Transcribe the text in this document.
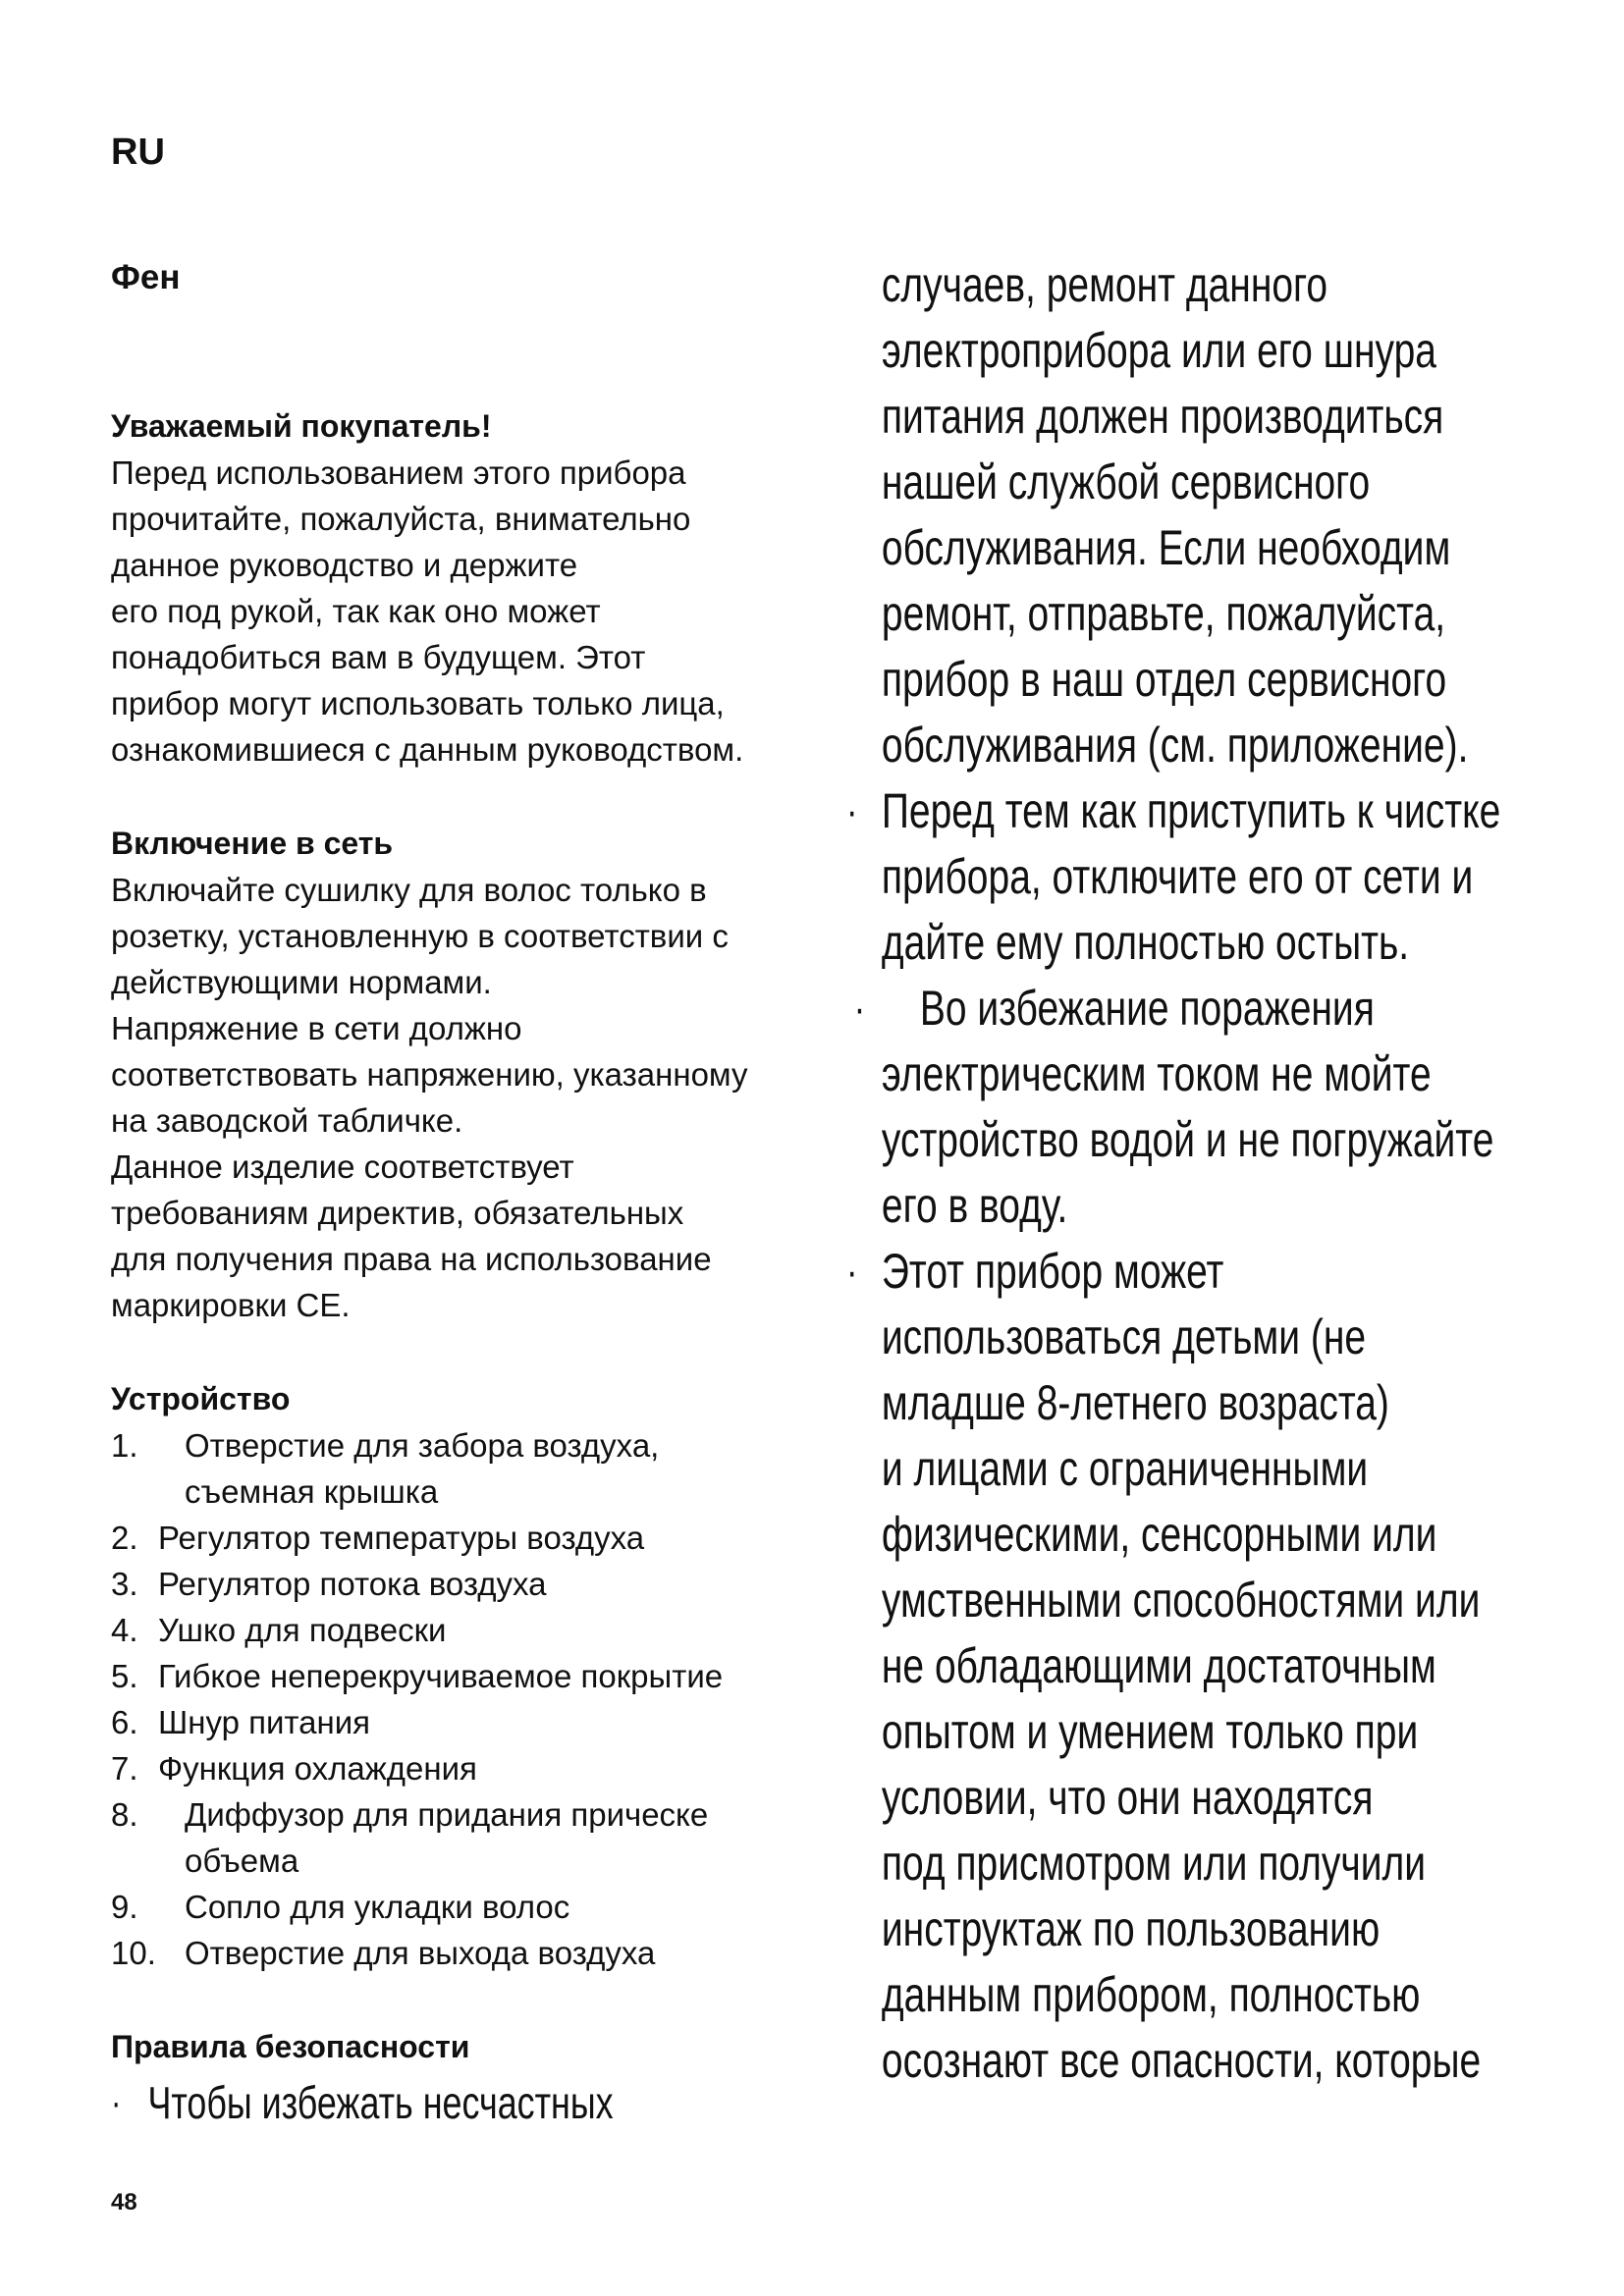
RU
Фен
Уважаемый покупатель!

Перед использованием этого прибора

прочитайте, пожалуйста, внимательно

данное руководство и держите

его под рукой, так как оно может

понадобиться вам в будущем. Этот

прибор могут использовать только лица,

ознакомившиеся с данным руководством.

Включение в сеть

Включайте сушилку для волос только в

розетку, установленную в соответствии с

действующими нормами.

Напряжение в сети должно

соответствовать напряжению, указанному

на заводской табличке.

Данное изделие соответствует

требованиям директив, обязательных

для получения права на использование

маркировки CE.

Устройство
1.	Отверстие для забора воздуха,
съемная крышка
2. Регулятор температуры воздуха
3. Регулятор потока воздуха
4. Ушко для подвески
5. Гибкое неперекручиваемое покрытие
6. Шнур питания
7. Функция охлаждения
8.	Диффузор для придания прическе
объема
9.	Сопло для укладки волос
10. Отверстие для выхода воздуха
Правила безопасности
· Чтобы избежать несчастных
случаев, ремонт данного
электроприбора или его шнура
питания должен производиться
нашей службой сервисного
обслуживания. Если необходим
ремонт, отправьте, пожалуйста,
прибор в наш отдел сервисного
обслуживания (см. приложение).
· Перед тем как приступить к чистке
прибора, отключите его от сети и
дайте ему полностью остыть.
· Во избежание поражения
электрическим током не мойте
устройство водой и не погружайте
его в воду.
· Этот прибор может
использоваться детьми (не
младше 8-летнего возраста)
и лицами с ограниченными
физическими, сенсорными или
умственными способностями или
не обладающими достаточным
опытом и умением только при
условии, что они находятся
под присмотром или получили
инструктаж по пользованию
данным прибором, полностью
осознают все опасности, которые
48
